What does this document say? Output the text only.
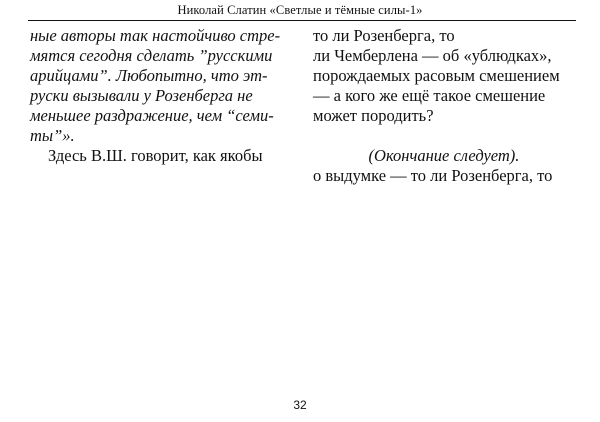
Николай Слатин «Светлые и тёмные силы-1»
ные авторы так настойчиво стре-
мятся сегодня сделать ”русскими
арийцами”. Любопытно, что эт-
руски вызывали у Розенберга не
меньшее раздражение, чем “семи-
ты”».
Здесь В.Ш. говорит, как якобы
то ли Розенберга, то
ли Чемберлена — об «ублюдках»,
порождаемых расовым смешением
— а кого же ещё такое смешение
может породить?
(Окончание следует).
о выдумке — то ли Розенберга, то
32
